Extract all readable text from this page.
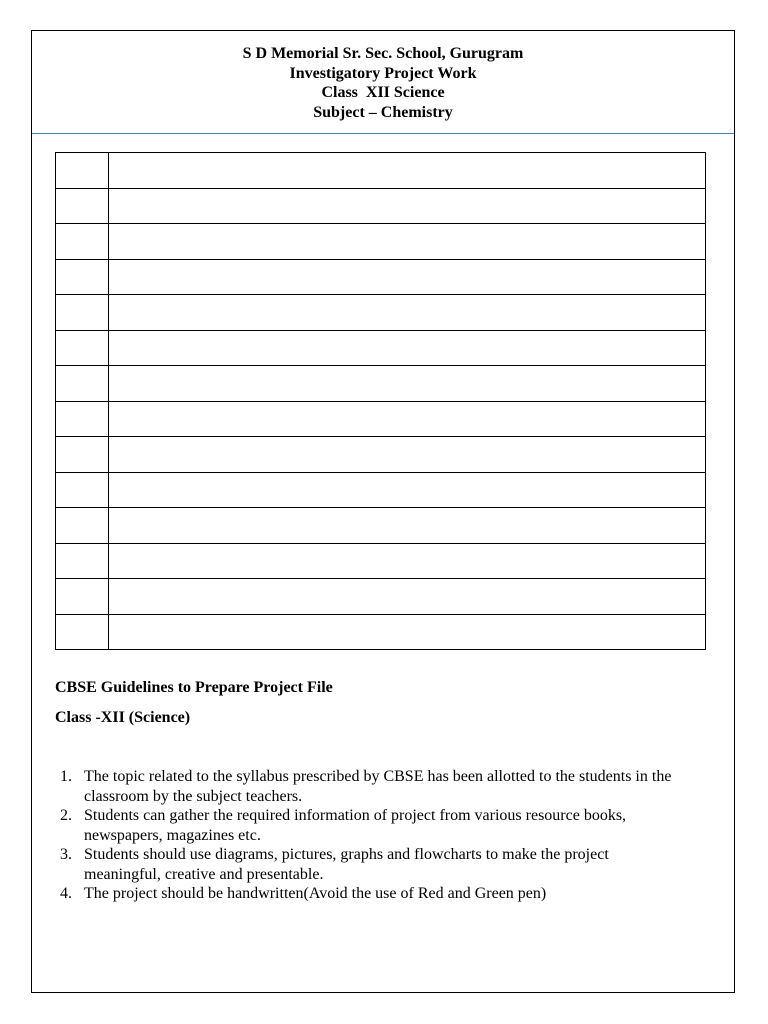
S D Memorial Sr. Sec. School, Gurugram
Investigatory Project Work
Class  XII Science
Subject – Chemistry

CBSE Guidelines to Prepare Project File
Class -XII (Science)
1. The topic related to the syllabus prescribed by CBSE has been allotted to the students in the classroom by the subject teachers.
2. Students can gather the required information of project from various resource books, newspapers, magazines etc.
3. Students should use diagrams, pictures, graphs and flowcharts to make the project meaningful, creative and presentable.
4. The project should be handwritten(Avoid the use of Red and Green pen)
